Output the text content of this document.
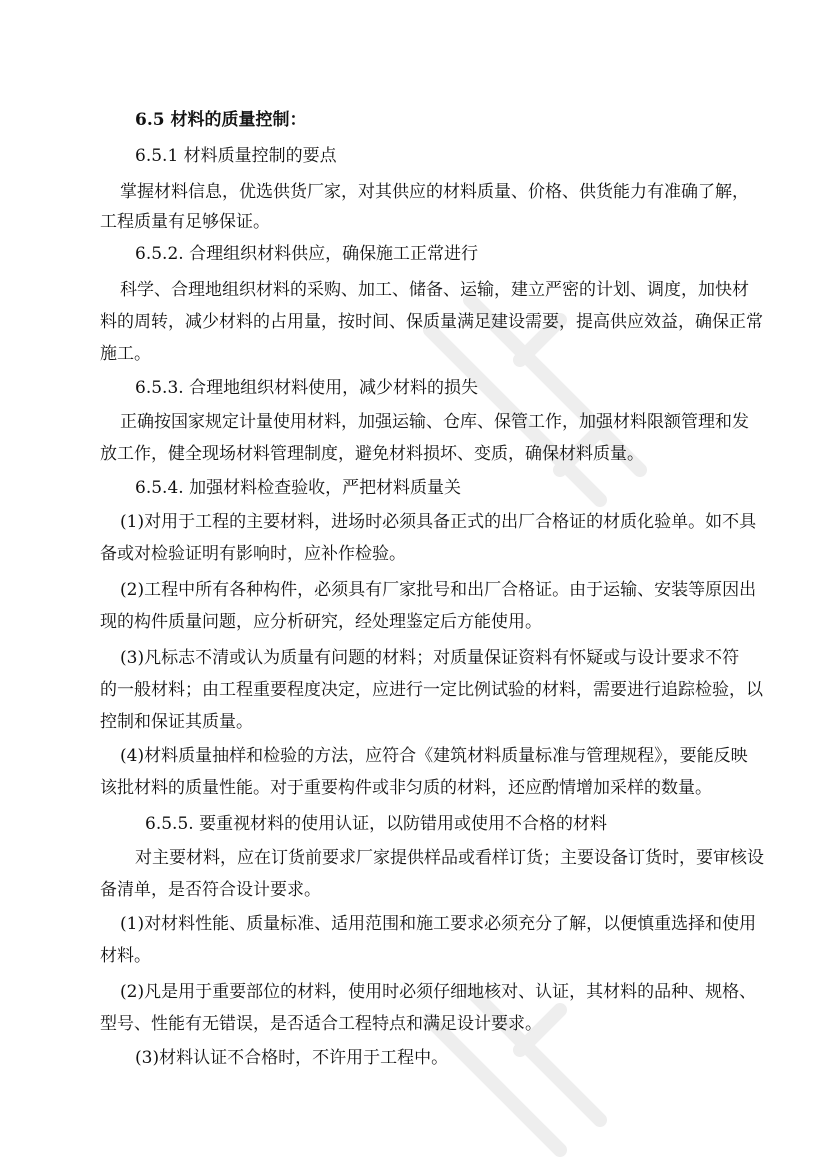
6.5 材料的质量控制：
6.5.1 材料质量控制的要点
掌握材料信息，优选供货厂家，对其供应的材料质量、价格、供货能力有准确了解，
工程质量有足够保证。
6.5.2. 合理组织材料供应，确保施工正常进行
科学、合理地组织材料的采购、加工、储备、运输，建立严密的计划、调度，加快材
料的周转，减少材料的占用量，按时间、保质量满足建设需要，提高供应效益，确保正常
施工。
6.5.3. 合理地组织材料使用，减少材料的损失
正确按国家规定计量使用材料，加强运输、仓库、保管工作，加强材料限额管理和发
放工作，健全现场材料管理制度，避免材料损坏、变质，确保材料质量。
6.5.4. 加强材料检查验收，严把材料质量关
(1)对用于工程的主要材料，进场时必须具备正式的出厂合格证的材质化验单。如不具
备或对检验证明有影响时，应补作检验。
(2)工程中所有各种构件，必须具有厂家批号和出厂合格证。由于运输、安装等原因出
现的构件质量问题，应分析研究，经处理鉴定后方能使用。
(3)凡标志不清或认为质量有问题的材料；对质量保证资料有怀疑或与设计要求不符
的一般材料；由工程重要程度决定，应进行一定比例试验的材料，需要进行追踪检验，以
控制和保证其质量。
(4)材料质量抽样和检验的方法，应符合《建筑材料质量标准与管理规程》，要能反映
该批材料的质量性能。对于重要构件或非匀质的材料，还应酌情增加采样的数量。
6.5.5. 要重视材料的使用认证，以防错用或使用不合格的材料
对主要材料，应在订货前要求厂家提供样品或看样订货；主要设备订货时，要审核设
备清单，是否符合设计要求。
(1)对材料性能、质量标准、适用范围和施工要求必须充分了解，以便慎重选择和使用
材料。
(2)凡是用于重要部位的材料，使用时必须仔细地核对、认证，其材料的品种、规格、
型号、性能有无错误，是否适合工程特点和满足设计要求。
(3)材料认证不合格时，不许用于工程中。
